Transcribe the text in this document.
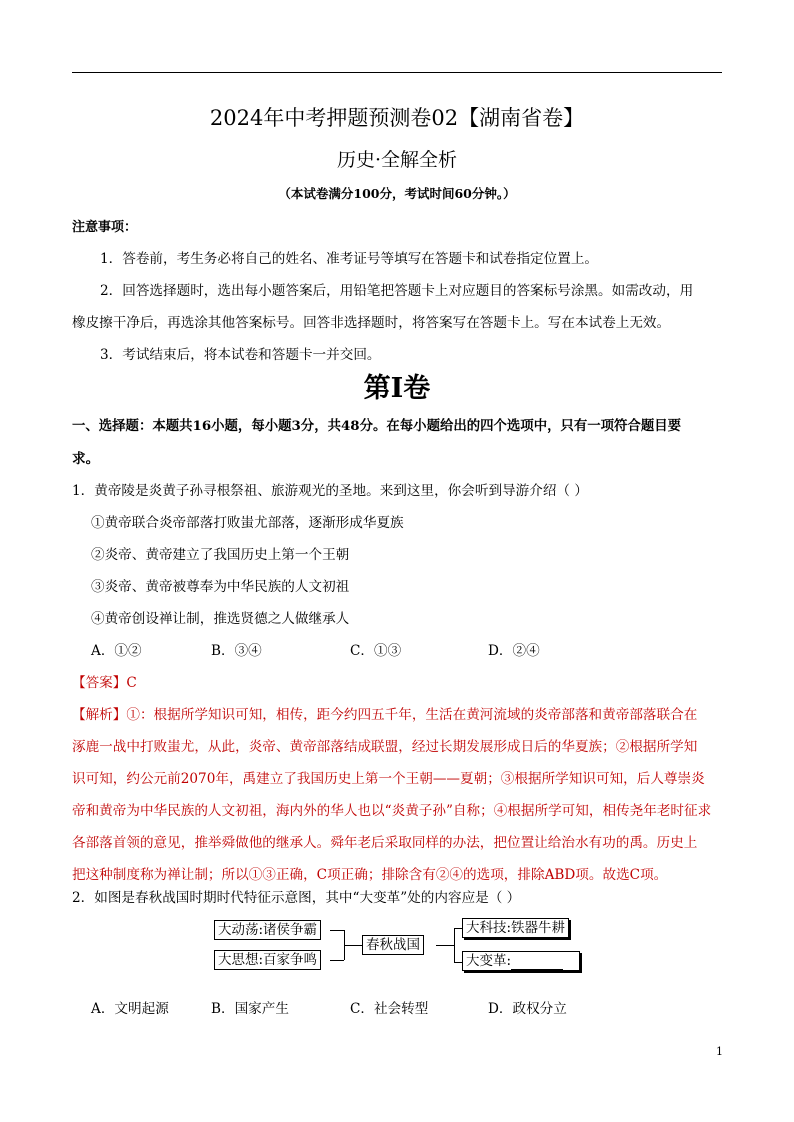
2024年中考押题预测卷02【湖南省卷】
历史·全解全析
（本试卷满分100分，考试时间60分钟。）
注意事项：
1．答卷前，考生务必将自己的姓名、准考证号等填写在答题卡和试卷指定位置上。
2．回答选择题时，选出每小题答案后，用铅笔把答题卡上对应题目的答案标号涂黑。如需改动，用
橡皮擦干净后，再选涂其他答案标号。回答非选择题时，将答案写在答题卡上。写在本试卷上无效。
3．考试结束后，将本试卷和答题卡一并交回。
第Ⅰ卷
一、选择题：本题共16小题，每小题3分，共48分。在每小题给出的四个选项中，只有一项符合题目要
求。
1．黄帝陵是炎黄子孙寻根祭祖、旅游观光的圣地。来到这里，你会听到导游介绍（ ）
①黄帝联合炎帝部落打败蚩尤部落，逐渐形成华夏族
②炎帝、黄帝建立了我国历史上第一个王朝
③炎帝、黄帝被尊奉为中华民族的人文初祖
④黄帝创设禅让制，推选贤德之人做继承人
A．①②	B．③④	C．①③	D．②④
【答案】C
【解析】①：根据所学知识可知，相传，距今约四五千年，生活在黄河流域的炎帝部落和黄帝部落联合在
涿鹿一战中打败蚩尤，从此，炎帝、黄帝部落结成联盟，经过长期发展形成日后的华夏族；②根据所学知
识可知，约公元前2070年，禹建立了我国历史上第一个王朝——夏朝；③根据所学知识可知，后人尊崇炎
帝和黄帝为中华民族的人文初祖，海内外的华人也以“炎黄子孙”自称；④根据所学可知，相传尧年老时征求
各部落首领的意见，推举舜做他的继承人。舜年老后采取同样的办法，把位置让给治水有功的禹。历史上
把这种制度称为禅让制；所以①③正确，C项正确；排除含有②④的选项，排除ABD项。故选C项。
2．如图是春秋战国时期时代特征示意图，其中“大变革”处的内容应是（ ）
大动荡:诸侯争霸
大思想:百家争鸣
春秋战国
大科技:铁器牛耕
大变革:
A．文明起源	B．国家产生	C．社会转型	D．政权分立
1
